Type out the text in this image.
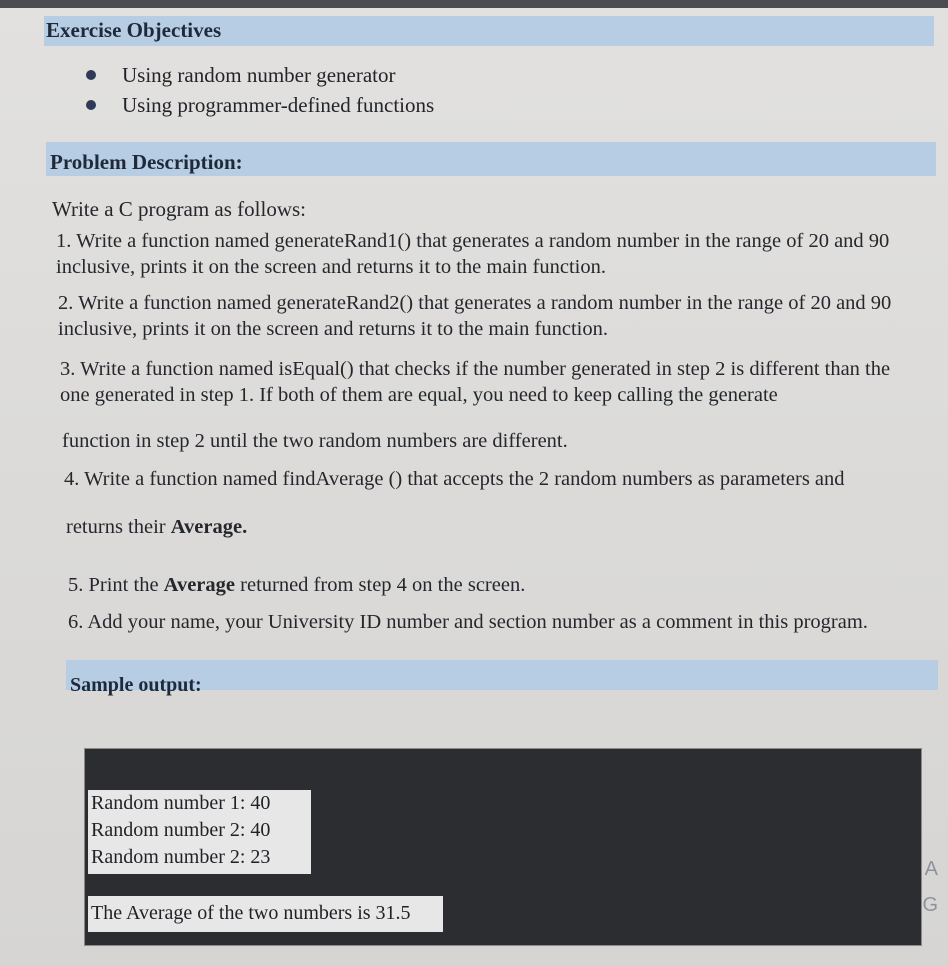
Exercise Objectives
Using random number generator
Using programmer-defined functions
Problem Description:
Write a C program as follows:
1. Write a function named generateRand1() that generates a random number in the range of 20 and 90 inclusive, prints it on the screen and returns it to the main function.
2. Write a function named generateRand2() that generates a random number in the range of 20 and 90 inclusive, prints it on the screen and returns it to the main function.
3. Write a function named isEqual() that checks if the number generated in step 2 is different than the one generated in step 1. If both of them are equal, you need to keep calling the generate
function in step 2 until the two random numbers are different.
4. Write a function named findAverage () that accepts the 2 random numbers as parameters and
returns their Average.
5. Print the Average returned from step 4 on the screen.
6. Add your name, your University ID number and section number as a comment in this program.
Sample output:
Random number 1: 40
Random number 2: 40
Random number 2: 23
The Average of the two numbers is 31.5
A
G
